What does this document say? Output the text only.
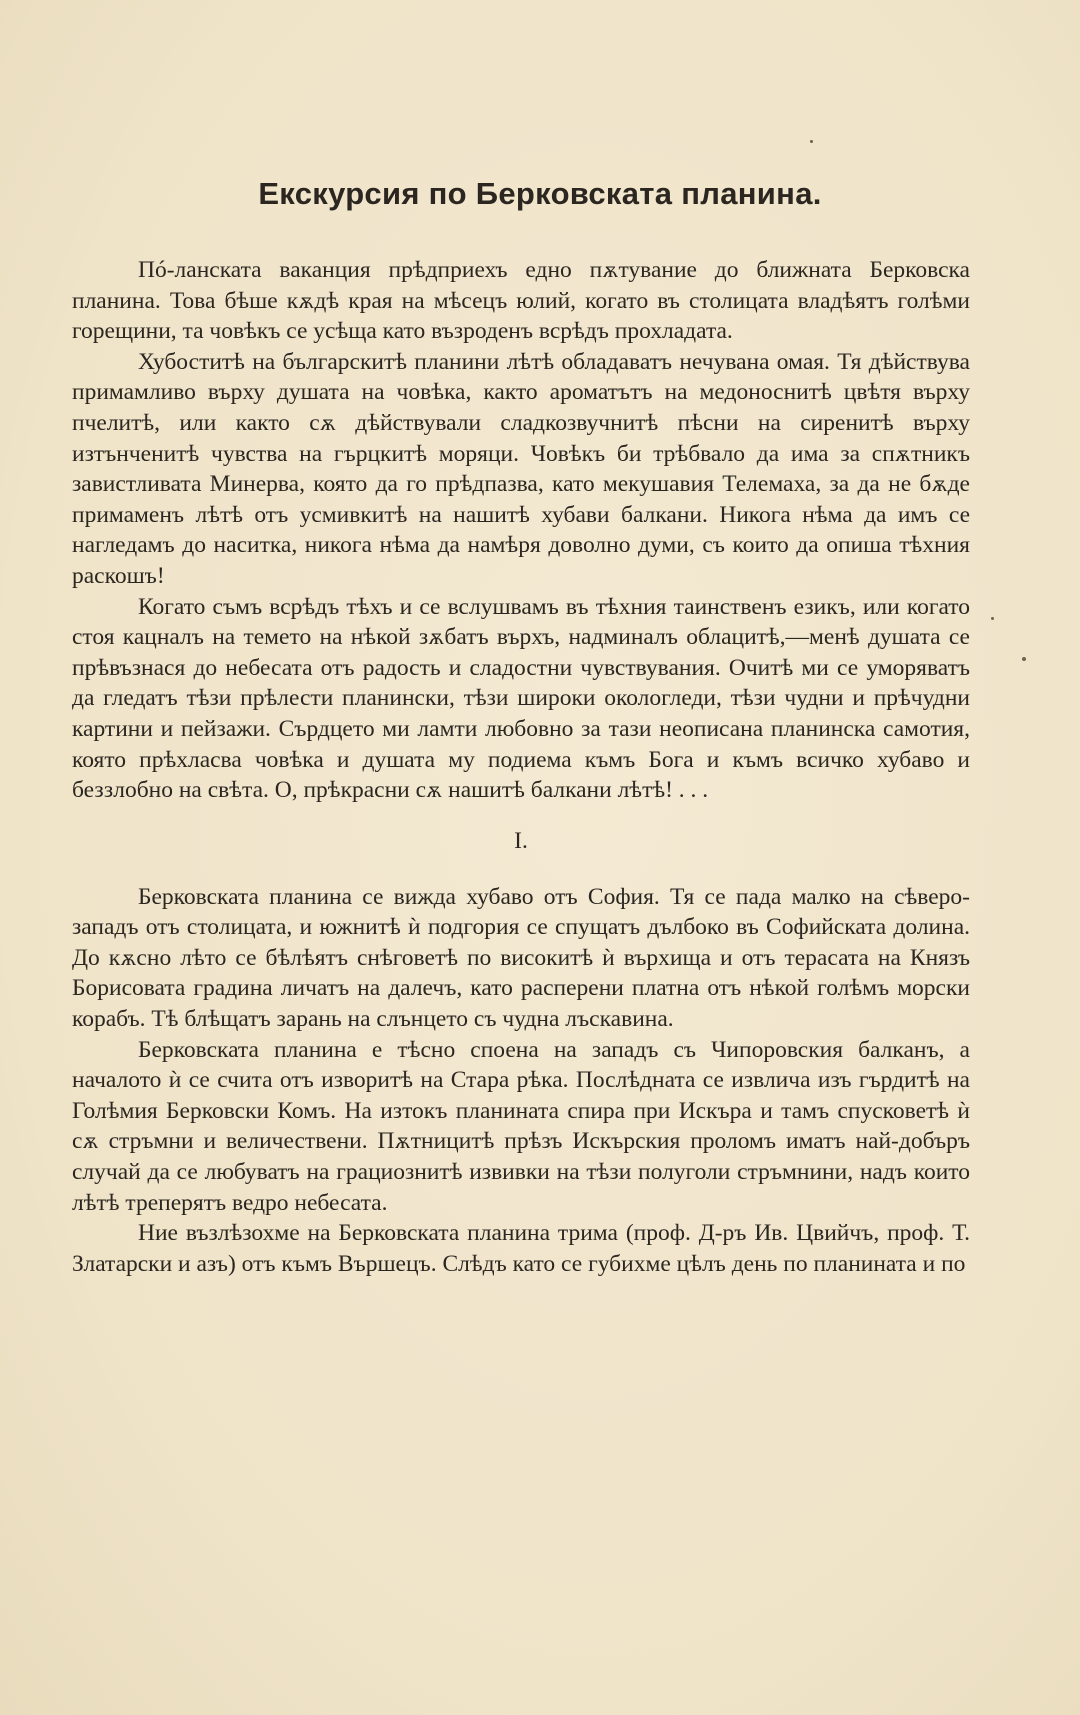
Екскурсия по Берковската планина.

Пó-ланската ваканция прѣдприехъ едно пѫтувание до ближната Берковска планина. Това бѣше кѫдѣ края на мѣсецъ юлий, когато въ столицата владѣятъ голѣми горещини, та човѣкъ се усѣща като възроденъ всрѣдъ прохладата.

Хубоститѣ на българскитѣ планини лѣтѣ обладаватъ нечувана омая. Тя дѣйствува примамливо върху душата на човѣка, както ароматътъ на медоноснитѣ цвѣтя върху пчелитѣ, или както сѫ дѣйствували сладкозвучнитѣ пѣсни на сиренитѣ върху изтънченитѣ чувства на гърцкитѣ моряци. Човѣкъ би трѣбвало да има за спѫтникъ завистливата Минерва, която да го прѣдпазва, като мекушавия Телемаха, за да не бѫде примаменъ лѣтѣ отъ усмивкитѣ на нашитѣ хубави балкани. Никога нѣма да имъ се нагледамъ до наситка, никога нѣма да намѣря доволно думи, съ които да опиша тѣхния раскошъ!

Когато съмъ всрѣдъ тѣхъ и се вслушвамъ въ тѣхния таинственъ езикъ, или когато стоя кацналъ на темето на нѣкой зѫбатъ върхъ, надминалъ облацитѣ,—менѣ душата се прѣвъзнася до небесата отъ радость и сладостни чувствувания. Очитѣ ми се уморяватъ да гледатъ тѣзи прѣлести планински, тѣзи широки окологледи, тѣзи чудни и прѣчудни картини и пейзажи. Сърдцето ми ламти любовно за тази неописана планинска самотия, която прѣхласва човѣка и душата му подиема къмъ Бога и къмъ всичко хубаво и беззлобно на свѣта. О, прѣкрасни сѫ нашитѣ балкани лѣтѣ! . . .

I.

Берковската планина се вижда хубаво отъ София. Тя се пада малко на сѣверо-западъ отъ столицата, и южнитѣ ѝ подгория се спущатъ дълбоко въ Софийската долина. До кѫсно лѣто се бѣлѣятъ снѣговетѣ по високитѣ ѝ върхища и отъ терасата на Князъ Борисовата градина личатъ на далечъ, като расперени платна отъ нѣкой голѣмъ морски корабъ. Тѣ блѣщатъ зарань на слънцето съ чудна лъскавина.

Берковската планина е тѣсно споена на западъ съ Чипоровския балканъ, а началото ѝ се счита отъ изворитѣ на Стара рѣка. Послѣдната се извлича изъ гърдитѣ на Голѣмия Берковски Комъ. На изтокъ планината спира при Искъра и тамъ спусковетѣ ѝ сѫ стръмни и величествени. Пѫтницитѣ прѣзъ Искърския проломъ иматъ най-добъръ случай да се любуватъ на грациознитѣ извивки на тѣзи полуголи стръмнини, надъ които лѣтѣ трепeрятъ ведро небесата.

Ние възлѣзохме на Берковската планина трима (проф. Д-ръ Ив. Цвийчъ, проф. Т. Златарски и азъ) отъ къмъ Вършецъ. Слѣдъ като се губихме цѣлъ день по планината и по
